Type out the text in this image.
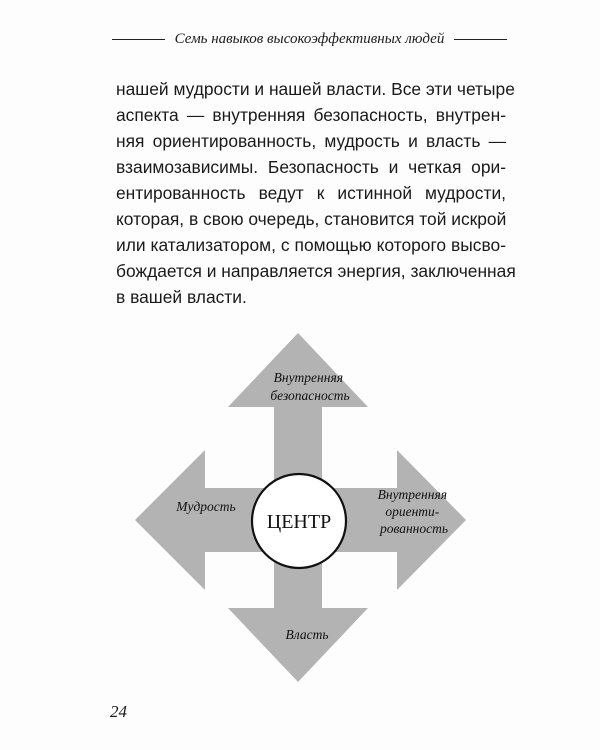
Семь навыков высокоэффективных людей
нашей мудрости и нашей власти. Все эти четыре
аспекта — внутренняя безопасность, внутрен-
няя ориентированность, мудрость и власть —
взаимозависимы. Безопасность и четкая ори-
ентированность ведут к истинной мудрости,
которая, в свою очередь, становится той искрой
или катализатором, с помощью которого высво-
бождается и направляется энергия, заключенная
в вашей власти.
ЦЕНТР
Внутренняя безопасность
Мудрость
Внутренняя ориенти- рованность
Власть
24
